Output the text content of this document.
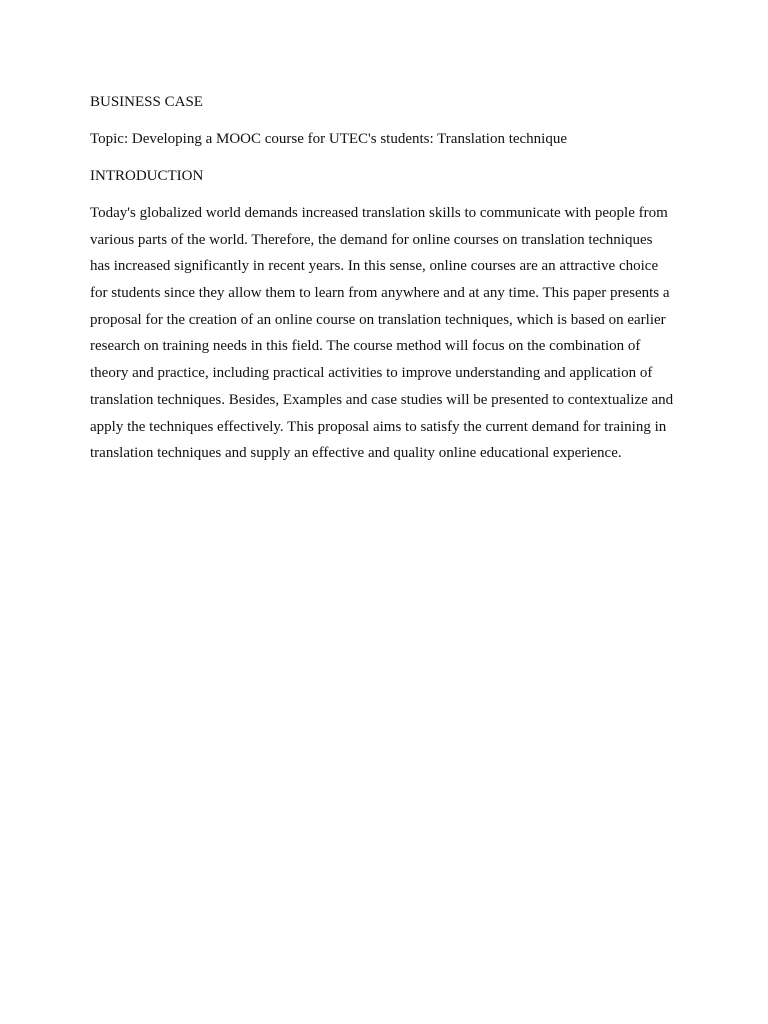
BUSINESS CASE
Topic: Developing a MOOC course for UTEC's students: Translation technique
INTRODUCTION
Today's globalized world demands increased translation skills to communicate with people from
various parts of the world. Therefore, the demand for online courses on translation techniques
has increased significantly in recent years. In this sense, online courses are an attractive choice
for students since they allow them to learn from anywhere and at any time. This paper presents a
proposal for the creation of an online course on translation techniques, which is based on earlier
research on training needs in this field. The course method will focus on the combination of
theory and practice, including practical activities to improve understanding and application of
translation techniques. Besides, Examples and case studies will be presented to contextualize and
apply the techniques effectively. This proposal aims to satisfy the current demand for training in
translation techniques and supply an effective and quality online educational experience.
